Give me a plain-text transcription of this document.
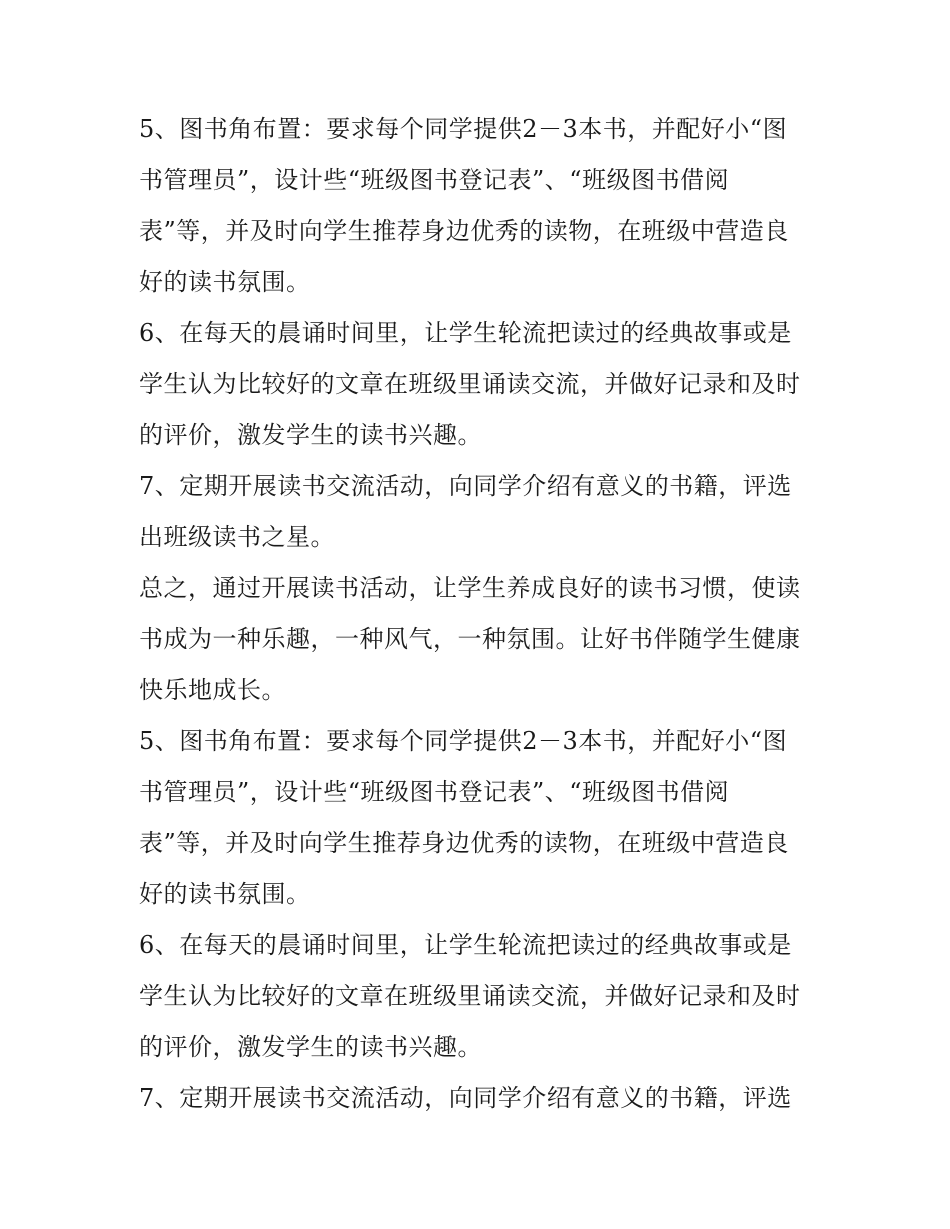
5、图书角布置：要求每个同学提供2－3本书，并配好小“图
书管理员”，设计些“班级图书登记表”、“班级图书借阅
表”等，并及时向学生推荐身边优秀的读物，在班级中营造良
好的读书氛围。
6、在每天的晨诵时间里，让学生轮流把读过的经典故事或是
学生认为比较好的文章在班级里诵读交流，并做好记录和及时
的评价，激发学生的读书兴趣。
7、定期开展读书交流活动，向同学介绍有意义的书籍，评选
出班级读书之星。
总之，通过开展读书活动，让学生养成良好的读书习惯，使读
书成为一种乐趣，一种风气，一种氛围。让好书伴随学生健康
快乐地成长。
5、图书角布置：要求每个同学提供2－3本书，并配好小“图
书管理员”，设计些“班级图书登记表”、“班级图书借阅
表”等，并及时向学生推荐身边优秀的读物，在班级中营造良
好的读书氛围。
6、在每天的晨诵时间里，让学生轮流把读过的经典故事或是
学生认为比较好的文章在班级里诵读交流，并做好记录和及时
的评价，激发学生的读书兴趣。
7、定期开展读书交流活动，向同学介绍有意义的书籍，评选
